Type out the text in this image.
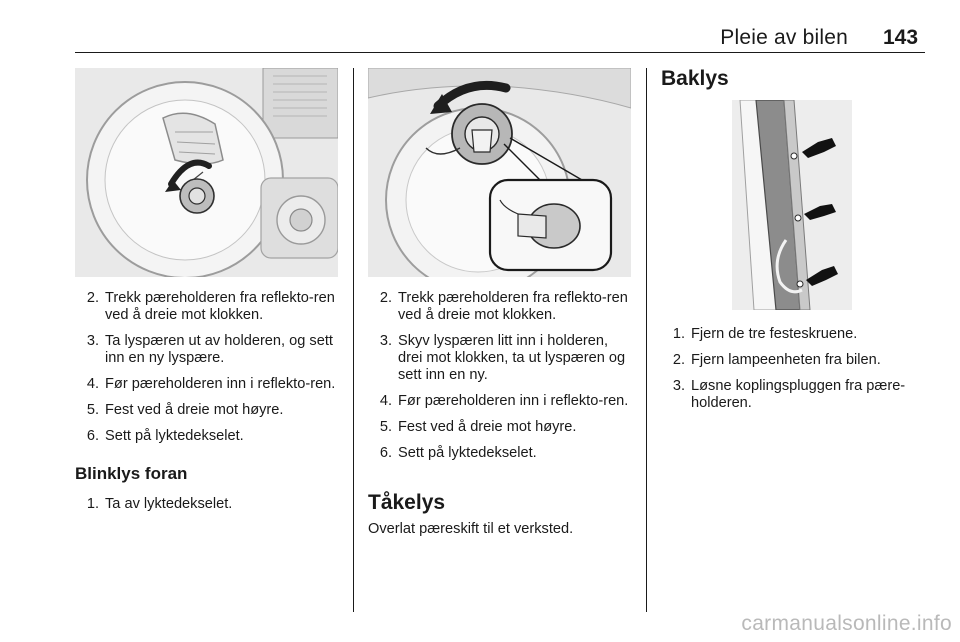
Pleie av bilen 143
2 . Trekk pæreholderen fra reflekto-ren ved å dreie mot klokken.
3 . Ta lyspæren ut av holderen, og sett inn en ny lyspære.
4 . Før pæreholderen inn i reflekto-ren.
5 . Fest ved å dreie mot høyre.
6 . Sett på lyktedekselet.
Blinklys foran
1 . Ta av lyktedekselet.
2 . Trekk pæreholderen fra reflekto-ren ved å dreie mot klokken.
3 . Skyv lyspæren litt inn i holderen, drei mot klokken, ta ut lyspæren og sett inn en ny.
4 . Før pæreholderen inn i reflekto-ren.
5 . Fest ved å dreie mot høyre.
6 . Sett på lyktedekselet.
Tåkelys
Overlat pæreskift til et verksted.
Baklys
1 . Fjern de tre festeskruene.
2 . Fjern lampeenheten fra bilen.
3 . Løsne koplingspluggen fra pære-holderen.
carmanualsonline.info
